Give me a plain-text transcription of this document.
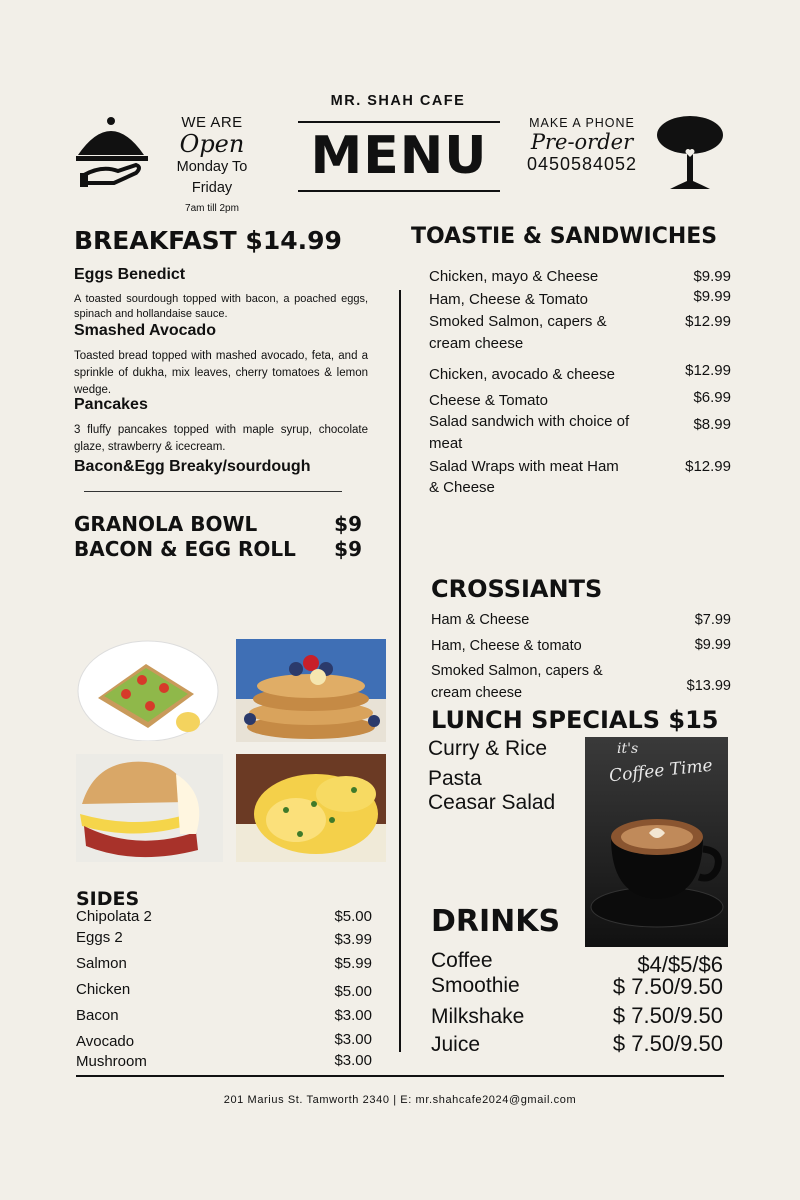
WE ARE

Open

Monday To Friday

7am till 2pm

MR. SHAH CAFE

MENU

MAKE A PHONE

Pre-order

0450584052

BREAKFAST $14.99

Eggs Benedict

A toasted sourdough topped with bacon, a poached eggs, spinach and hollandaise sauce.

Smashed Avocado

Toasted bread topped with mashed avocado, feta, and a sprinkle of dukha, mix leaves, cherry tomatoes & lemon wedge.

Pancakes

3 fluffy pancakes topped with maple syrup, chocolate glaze, strawberry & icecream.

Bacon&Egg Breaky/sourdough

GRANOLA BOWL	$9
BACON & EGG ROLL $9

SIDES

Chipolata 2	$5.00
Eggs 2	$3.99
Salmon	$5.99
Chicken	$5.00
Bacon	$3.00
Avocado	$3.00
Mushroom	$3.00

TOASTIE & SANDWICHES

Chicken, mayo & Cheese	$9.99
Ham, Cheese & Tomato	$9.99
Smoked Salmon, capers & cream cheese
$12.99
Chicken, avocado & cheese	$12.99
Cheese & Tomato	$6.99
Salad sandwich with choice of meat
$8.99
Salad Wraps with meat Ham & Cheese
$12.99

CROSSIANTS

Ham & Cheese	$7.99
Ham, Cheese & tomato	$9.99
Smoked Salmon, capers & cream cheese	$13.99

LUNCH SPECIALS $15

Curry & Rice

Pasta

Ceasar Salad

it's

Coffee Time

DRINKS

Coffee	$4/$5/$6
Smoothie	$ 7.50/9.50
Milkshake	$ 7.50/9.50
Juice	$ 7.50/9.50

201 Marius St. Tamworth 2340 | E: mr.shahcafe2024@gmail.com
